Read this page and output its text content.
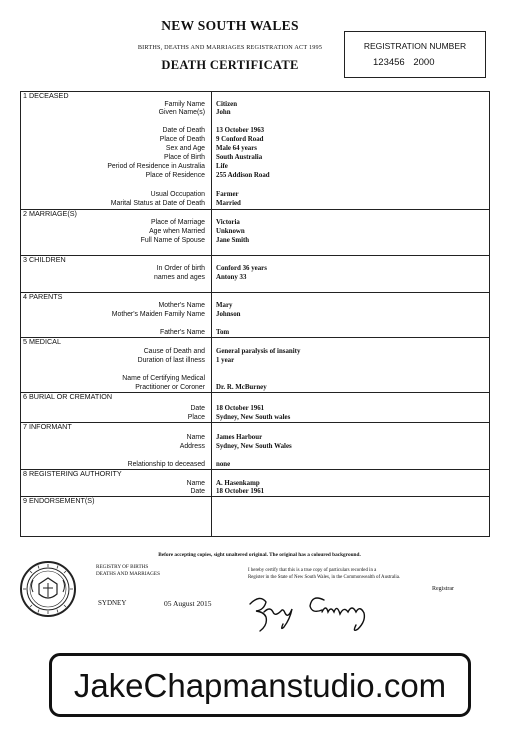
NEW SOUTH WALES
BIRTHS, DEATHS AND MARRIAGES REGISTRATION ACT 1995
DEATH CERTIFICATE
REGISTRATION NUMBER
123456 2000
1 DECEASED
Family Name Citizen
Given Name(s) John
Date of Death 13 October 1963
Place of Death 9 Conford Road
Sex and Age Male 64 years
Place of Birth South Australia
Period of Residence in Australia Life
Place of Residence 255 Addison Road
Usual Occupation Farmer
Marital Status at Date of Death Married
2 MARRIAGE(S)
Place of Marriage Victoria
Age when Married Unknown
Full Name of Spouse Jane Smith
3 CHILDREN
In Order of birth Conford 36 years
names and ages Antony 33
4 PARENTS
Mother's Name Mary
Mother's Maiden Family Name Johnson
Father's Name Tom
5 MEDICAL
Cause of Death and General paralysis of insanity
Duration of last illness 1 year
Name of Certifying Medical
Practitioner or Coroner Dr. R. McBurney
6 BURIAL OR CREMATION
Date 18 October 1961
Place Sydney, New South wales
7 INFORMANT
Name James Harbour
Address Sydney, New South Wales
Relationship to deceased none
8 REGISTERING AUTHORITY
Name A. Hasenkamp
Date 18 October 1961
9 ENDORSEMENT(S)
Before accepting copies, sight unaltered original. The original has a coloured background.
REGISTRY OF BIRTHS
DEATHS AND MARRIAGES
SYDNEY	05 August 2015
I hereby certify that this is a true copy of particulars recorded in a
Register in the State of New South Wales, in the Commonwealth of Australia.
Registrar
JakeChapmanstudio.com
